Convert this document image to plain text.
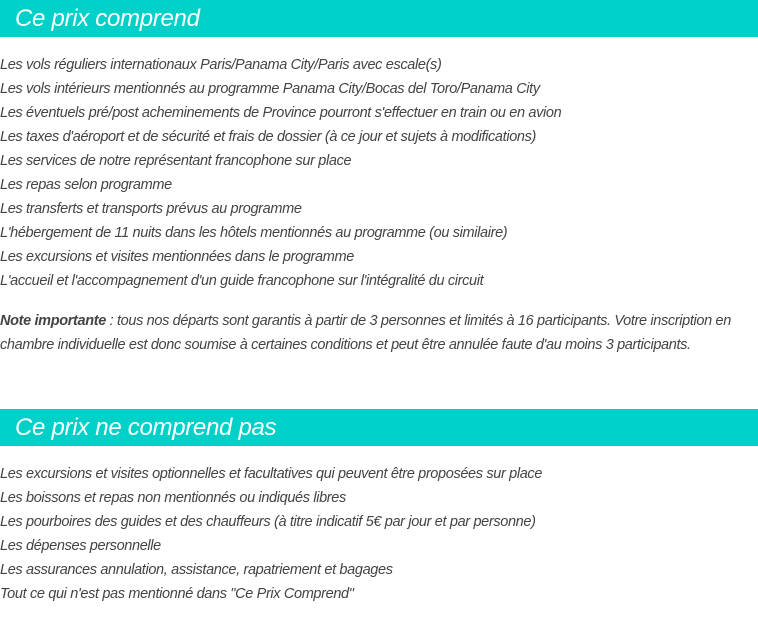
Ce prix comprend
Les vols réguliers internationaux Paris/Panama City/Paris avec escale(s)
Les vols intérieurs mentionnés au programme Panama City/Bocas del Toro/Panama City
Les éventuels pré/post acheminements de Province pourront s'effectuer en train ou en avion
Les taxes d'aéroport et de sécurité et frais de dossier (à ce jour et sujets à modifications)
Les services de notre représentant francophone sur place
Les repas selon programme
Les transferts et transports prévus au programme
L'hébergement de 11 nuits dans les hôtels mentionnés au programme (ou similaire)
Les excursions et visites mentionnées dans le programme
L'accueil et l'accompagnement d'un guide francophone sur l'intégralité du circuit

Note importante : tous nos départs sont garantis à partir de 3 personnes et limités à 16 participants. Votre inscription en chambre individuelle est donc soumise à certaines conditions et peut être annulée faute d'au moins 3 participants.

Ce prix ne comprend pas
Les excursions et visites optionnelles et facultatives qui peuvent être proposées sur place
Les boissons et repas non mentionnés ou indiqués libres
Les pourboires des guides et des chauffeurs (à titre indicatif 5€ par jour et par personne)
Les dépenses personnelle
Les assurances annulation, assistance, rapatriement et bagages
Tout ce qui n'est pas mentionné dans "Ce Prix Comprend"
